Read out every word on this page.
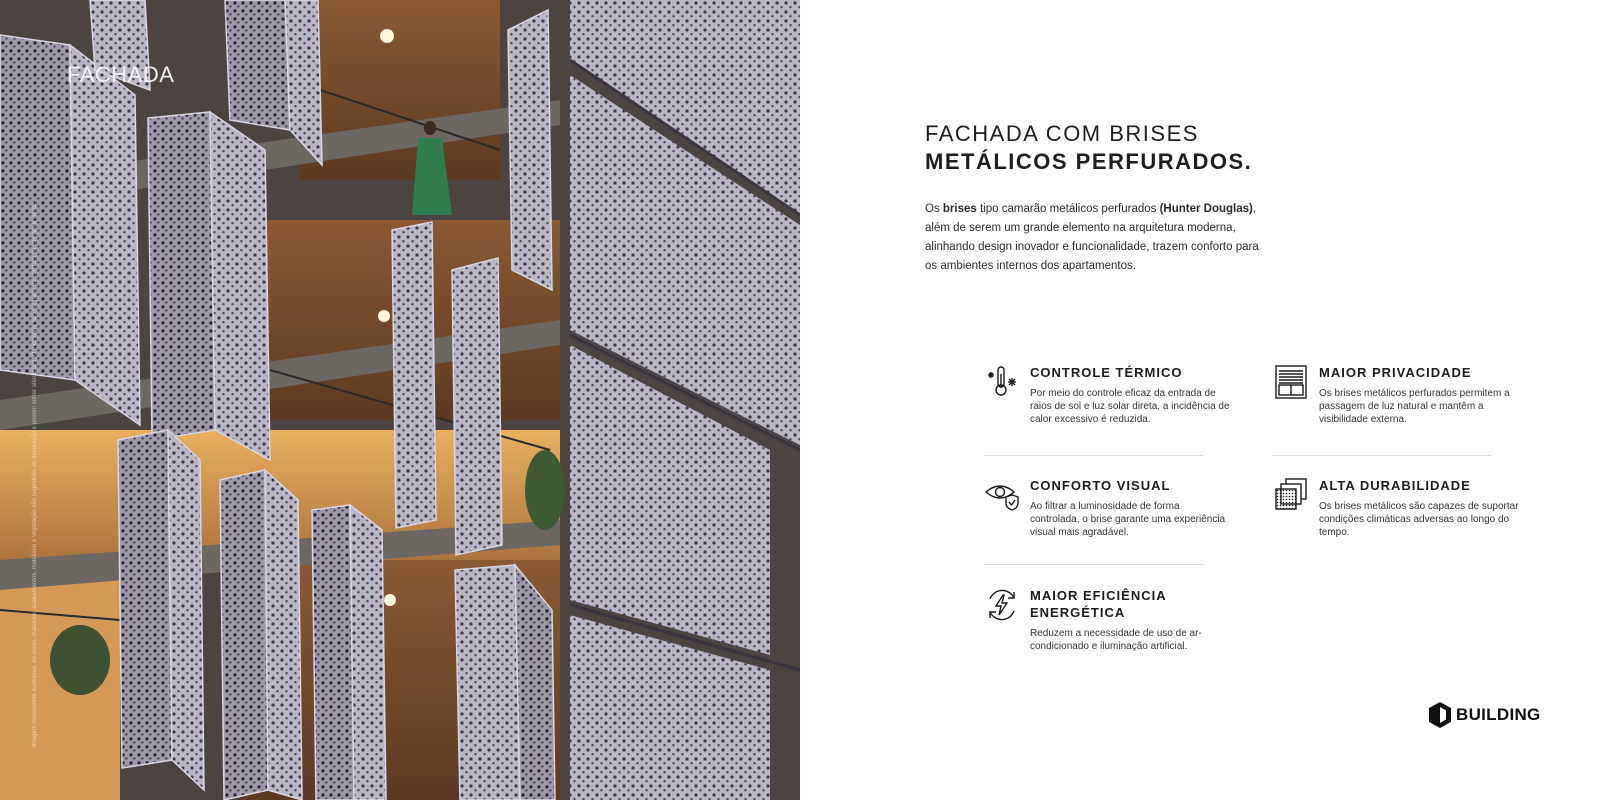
FACHADA
Imagem meramente ilustrativa. As cores, materiais, acabamentos, mobiliário e vegetação são sugestões de decoração e podem sofrer alterações. O mobiliário não faz parte do contrato de compra e venda.
FACHADA COM BRISES
METÁLICOS PERFURADOS.
Os brises tipo camarão metálicos perfurados (Hunter Douglas), além de serem um grande elemento na arquitetura moderna, alinhando design inovador e funcionalidade, trazem conforto para os ambientes internos dos apartamentos.
CONTROLE TÉRMICO

Por meio do controle eficaz da entrada de raios de sol e luz solar direta, a incidência de calor excessivo é reduzida.

MAIOR PRIVACIDADE

Os brises metálicos perfurados permitem a passagem de luz natural e mantêm a visibilidade externa.

CONFORTO VISUAL

Ao filtrar a luminosidade de forma controlada, o brise garante uma experiência visual mais agradável.

ALTA DURABILIDADE

Os brises metálicos são capazes de suportar condições climáticas adversas ao longo do tempo.

MAIOR EFICIÊNCIA ENERGÉTICA

Reduzem a necessidade de uso de ar-condicionado e iluminação artificial.

BUILDING
